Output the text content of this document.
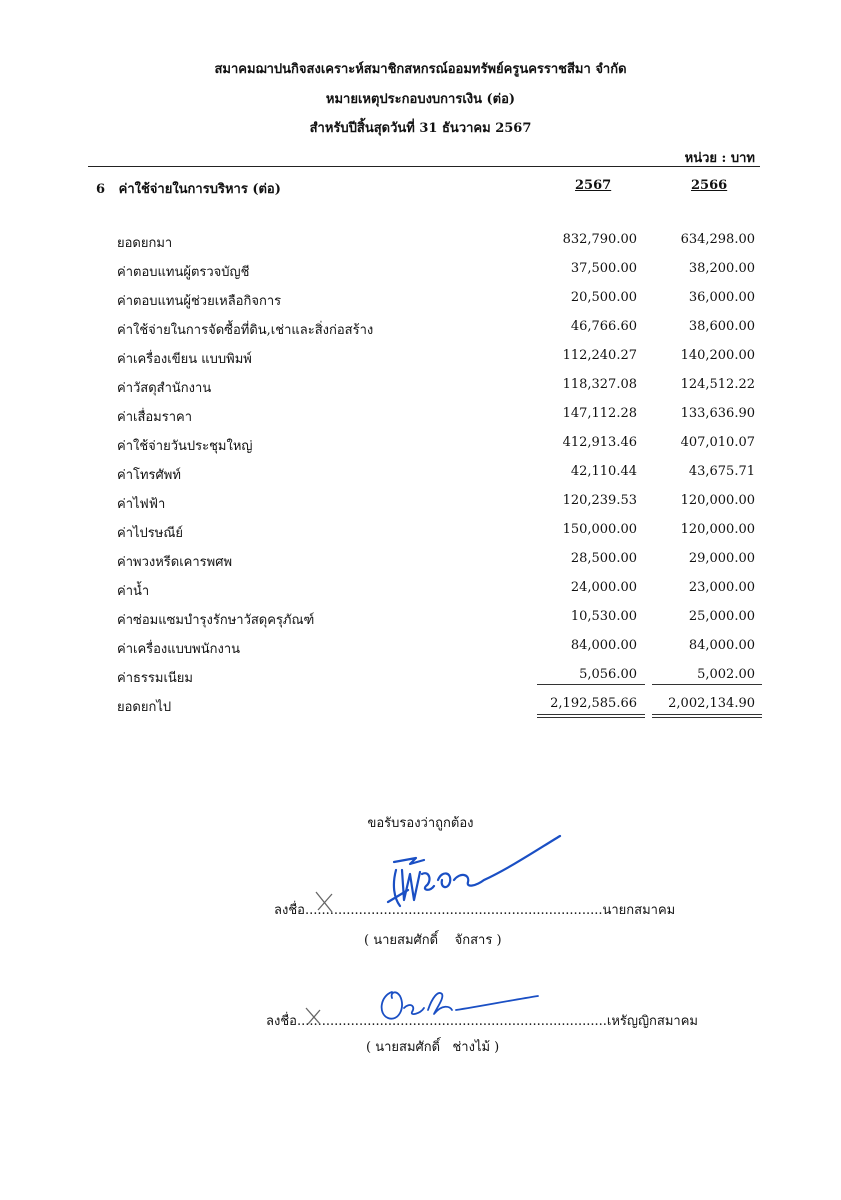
สมาคมฌาปนกิจสงเคราะห์สมาชิกสหกรณ์ออมทรัพย์ครูนครราชสีมา จำกัด
หมายเหตุประกอบงบการเงิน (ต่อ)
สำหรับปีสิ้นสุดวันที่ 31 ธันวาคม 2567
หน่วย : บาท
6 ค่าใช้จ่ายในการบริหาร (ต่อ)	2567	2566
ยอดยกมา	832,790.00	634,298.00
ค่าตอบแทนผู้ตรวจบัญชี	37,500.00	38,200.00
ค่าตอบแทนผู้ช่วยเหลือกิจการ	20,500.00	36,000.00
ค่าใช้จ่ายในการจัดซื้อที่ดิน,เช่าและสิ่งก่อสร้าง	46,766.60	38,600.00
ค่าเครื่องเขียน แบบพิมพ์	112,240.27	140,200.00
ค่าวัสดุสำนักงาน	118,327.08	124,512.22
ค่าเสื่อมราคา	147,112.28	133,636.90
ค่าใช้จ่ายวันประชุมใหญ่	412,913.46	407,010.07
ค่าโทรศัพท์	42,110.44	43,675.71
ค่าไฟฟ้า	120,239.53	120,000.00
ค่าไปรษณีย์	150,000.00	120,000.00
ค่าพวงหรีดเคารพศพ	28,500.00	29,000.00
ค่าน้ำ	24,000.00	23,000.00
ค่าซ่อมแซมบำรุงรักษาวัสดุครุภัณฑ์	10,530.00	25,000.00
ค่าเครื่องแบบพนักงาน	84,000.00	84,000.00
ค่าธรรมเนียม	5,056.00	5,002.00
ยอดยกไป	2,192,585.66 2,002,134.90
ขอรับรองว่าถูกต้อง
ลงชื่อ........................................................................นายกสมาคม
( นายสมศักดิ์    จักสาร )
ลงชื่อ...........................................................................เหรัญญิกสมาคม
( นายสมศักดิ์   ช่างไม้ )
